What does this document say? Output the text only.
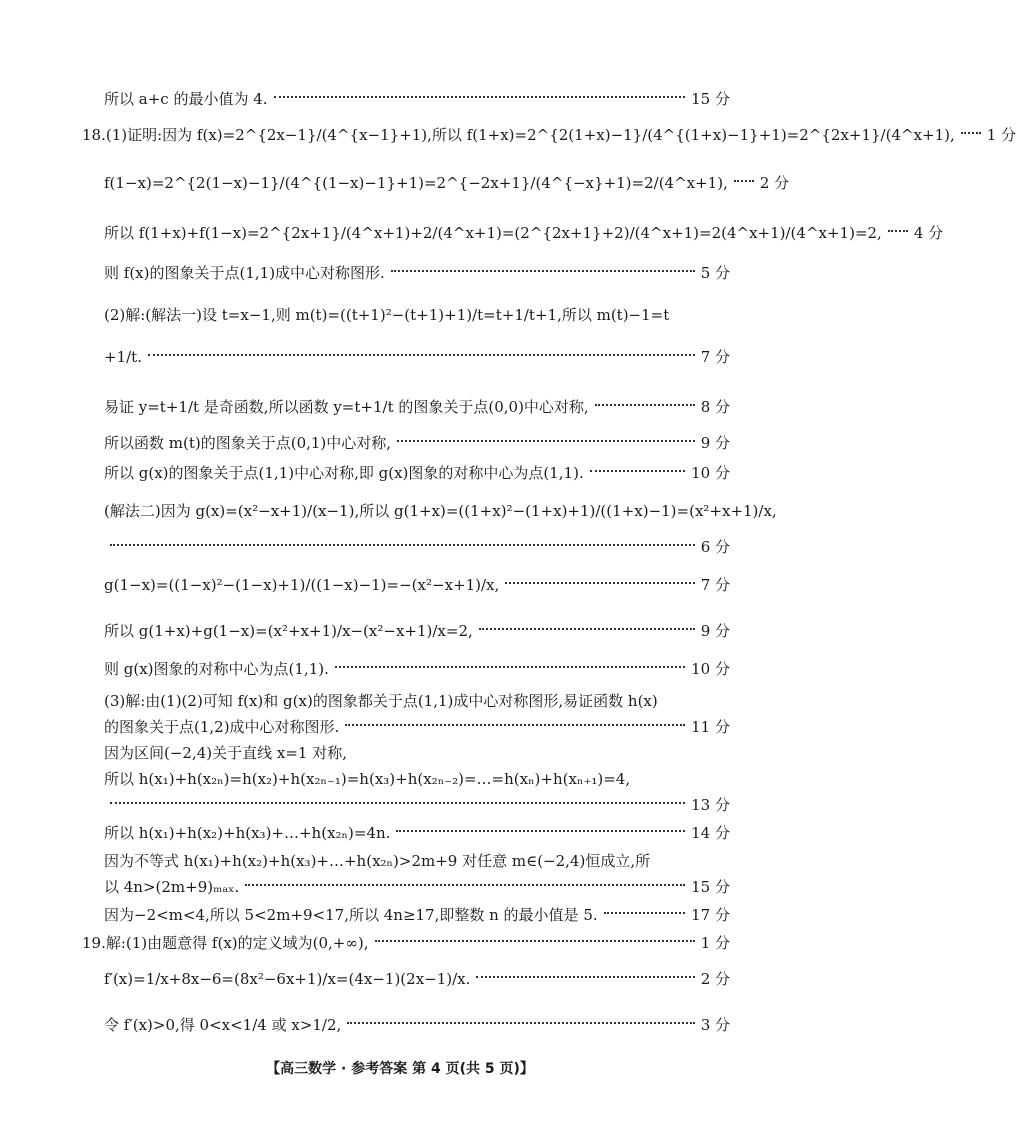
所以 a+c 的最小值为 4.	15 分
18.(1)证明:因为 f(x)=2^{2x−1}/(4^{x−1}+1),所以 f(1+x)=2^{2(1+x)−1}/(4^{(1+x)−1}+1)=2^{2x+1}/(4^x+1), 1 分
f(1−x)=2^{2(1−x)−1}/(4^{(1−x)−1}+1)=2^{−2x+1}/(4^{−x}+1)=2/(4^x+1), 2 分
所以 f(1+x)+f(1−x)=2^{2x+1}/(4^x+1)+2/(4^x+1)=(2^{2x+1}+2)/(4^x+1)=2(4^x+1)/(4^x+1)=2, 4 分
则 f(x)的图象关于点(1,1)成中心对称图形.	5 分
(2)解:(解法一)设 t=x−1,则 m(t)=((t+1)²−(t+1)+1)/t=t+1/t+1,所以 m(t)−1=t
+1/t.	7 分
易证 y=t+1/t 是奇函数,所以函数 y=t+1/t 的图象关于点(0,0)中心对称,	8 分
所以函数 m(t)的图象关于点(0,1)中心对称,	9 分
所以 g(x)的图象关于点(1,1)中心对称,即 g(x)图象的对称中心为点(1,1).	10 分
(解法二)因为 g(x)=(x²−x+1)/(x−1),所以 g(1+x)=((1+x)²−(1+x)+1)/((1+x)−1)=(x²+x+1)/x,
6 分
g(1−x)=((1−x)²−(1−x)+1)/((1−x)−1)=−(x²−x+1)/x,	7 分
所以 g(1+x)+g(1−x)=(x²+x+1)/x−(x²−x+1)/x=2,	9 分
则 g(x)图象的对称中心为点(1,1).	10 分
(3)解:由(1)(2)可知 f(x)和 g(x)的图象都关于点(1,1)成中心对称图形,易证函数 h(x)
的图象关于点(1,2)成中心对称图形.	11 分
因为区间(−2,4)关于直线 x=1 对称,
所以 h(x₁)+h(x₂ₙ)=h(x₂)+h(x₂ₙ₋₁)=h(x₃)+h(x₂ₙ₋₂)=…=h(xₙ)+h(xₙ₊₁)=4,
13 分
所以 h(x₁)+h(x₂)+h(x₃)+…+h(x₂ₙ)=4n.	14 分
因为不等式 h(x₁)+h(x₂)+h(x₃)+…+h(x₂ₙ)>2m+9 对任意 m∈(−2,4)恒成立,所
以 4n>(2m+9)ₘₐₓ.	15 分
因为−2<m<4,所以 5<2m+9<17,所以 4n≥17,即整数 n 的最小值是 5.	17 分
19.解:(1)由题意得 f(x)的定义域为(0,+∞),	1 分
f′(x)=1/x+8x−6=(8x²−6x+1)/x=(4x−1)(2x−1)/x.	2 分
令 f′(x)>0,得 0<x<1/4 或 x>1/2,	3 分
【高三数学 · 参考答案 第 4 页(共 5 页)】
